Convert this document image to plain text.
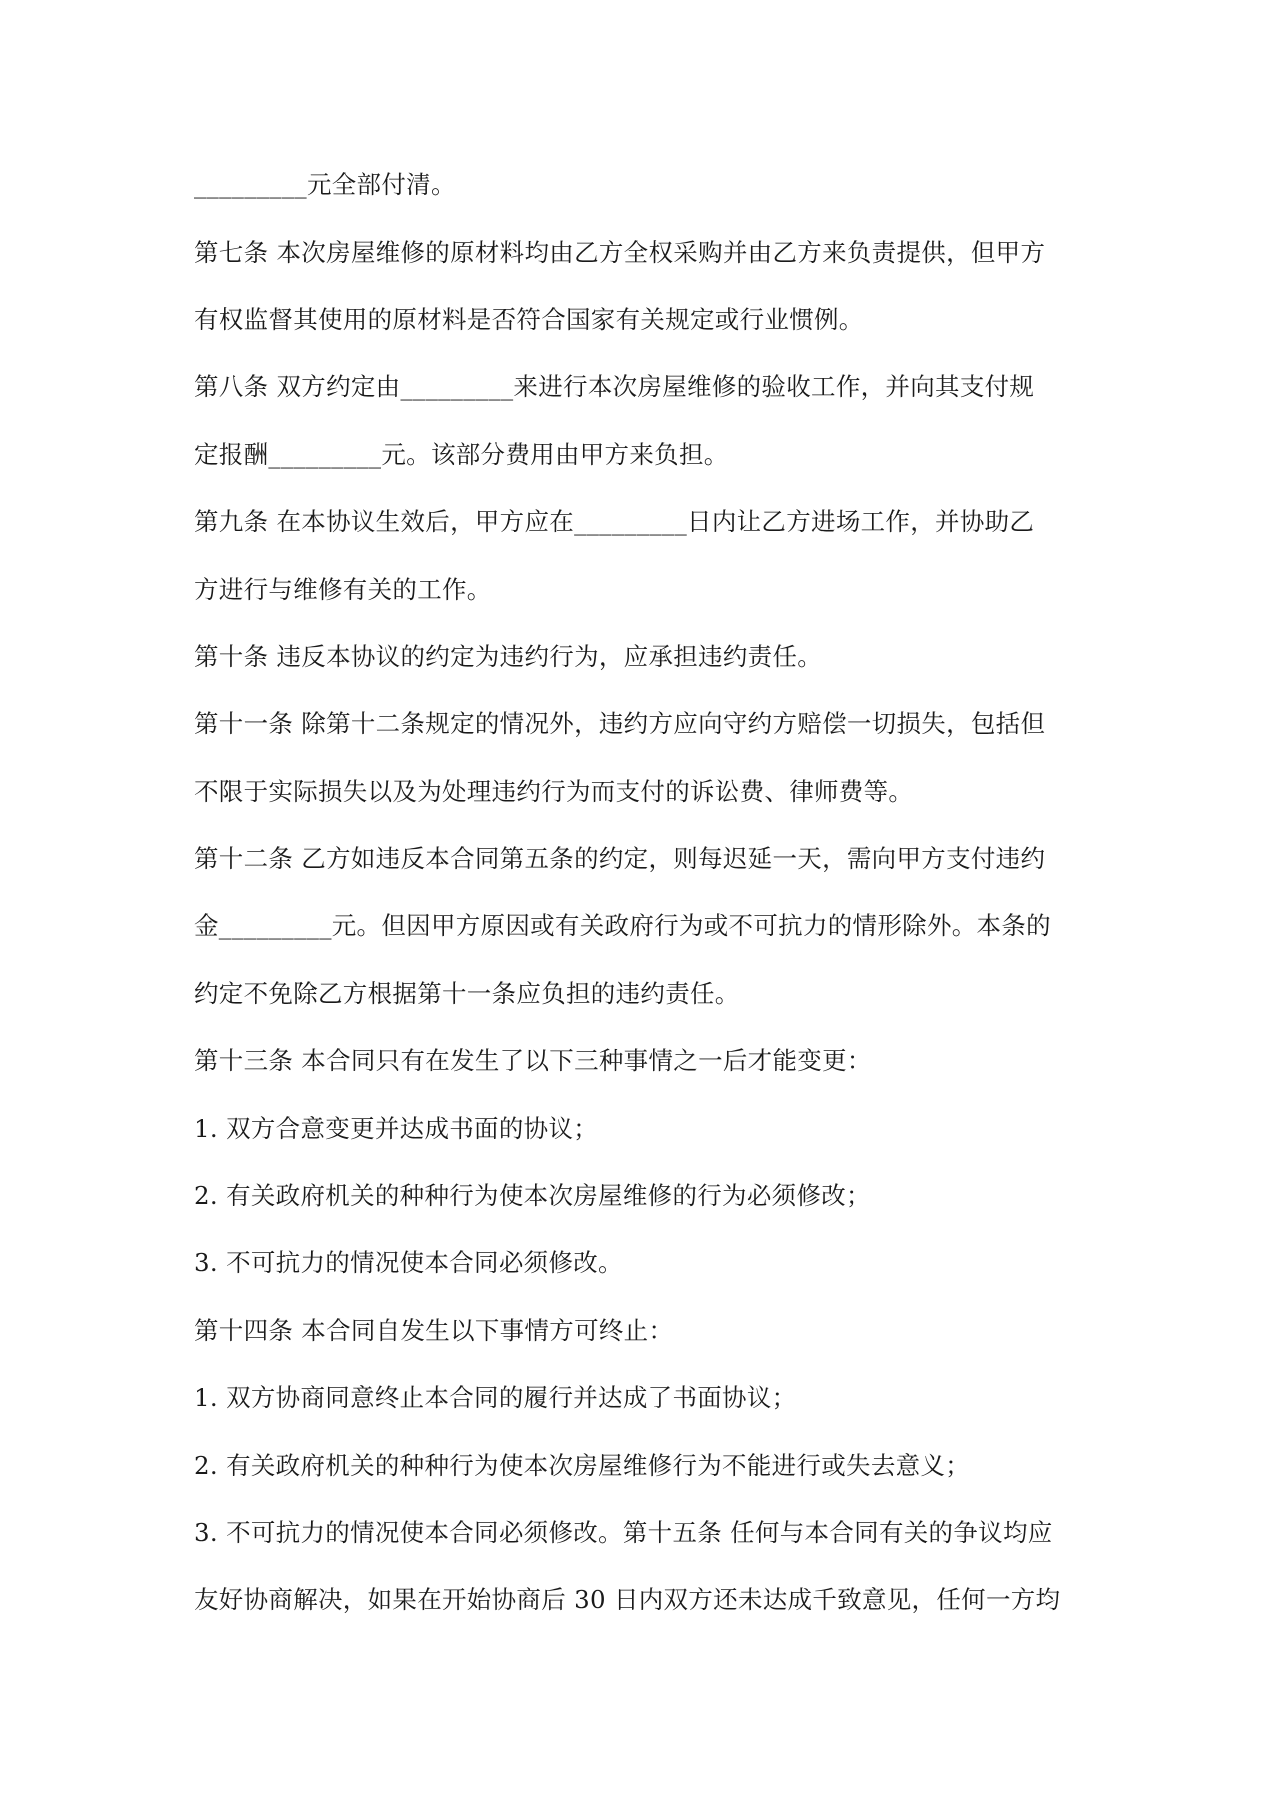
_________元全部付清。
第七条 本次房屋维修的原材料均由乙方全权采购并由乙方来负责提供，但甲方
有权监督其使用的原材料是否符合国家有关规定或行业惯例。
第八条 双方约定由_________来进行本次房屋维修的验收工作，并向其支付规
定报酬_________元。该部分费用由甲方来负担。
第九条 在本协议生效后，甲方应在_________日内让乙方进场工作，并协助乙
方进行与维修有关的工作。
第十条 违反本协议的约定为违约行为，应承担违约责任。
第十一条 除第十二条规定的情况外，违约方应向守约方赔偿一切损失，包括但
不限于实际损失以及为处理违约行为而支付的诉讼费、律师费等。
第十二条 乙方如违反本合同第五条的约定，则每迟延一天，需向甲方支付违约
金_________元。但因甲方原因或有关政府行为或不可抗力的情形除外。本条的
约定不免除乙方根据第十一条应负担的违约责任。
第十三条 本合同只有在发生了以下三种事情之一后才能变更：
1. 双方合意变更并达成书面的协议；
2. 有关政府机关的种种行为使本次房屋维修的行为必须修改；
3. 不可抗力的情况使本合同必须修改。
第十四条 本合同自发生以下事情方可终止：
1. 双方协商同意终止本合同的履行并达成了书面协议；
2. 有关政府机关的种种行为使本次房屋维修行为不能进行或失去意义；
3. 不可抗力的情况使本合同必须修改。第十五条 任何与本合同有关的争议均应
友好协商解决，如果在开始协商后 30 日内双方还未达成千致意见，任何一方均
